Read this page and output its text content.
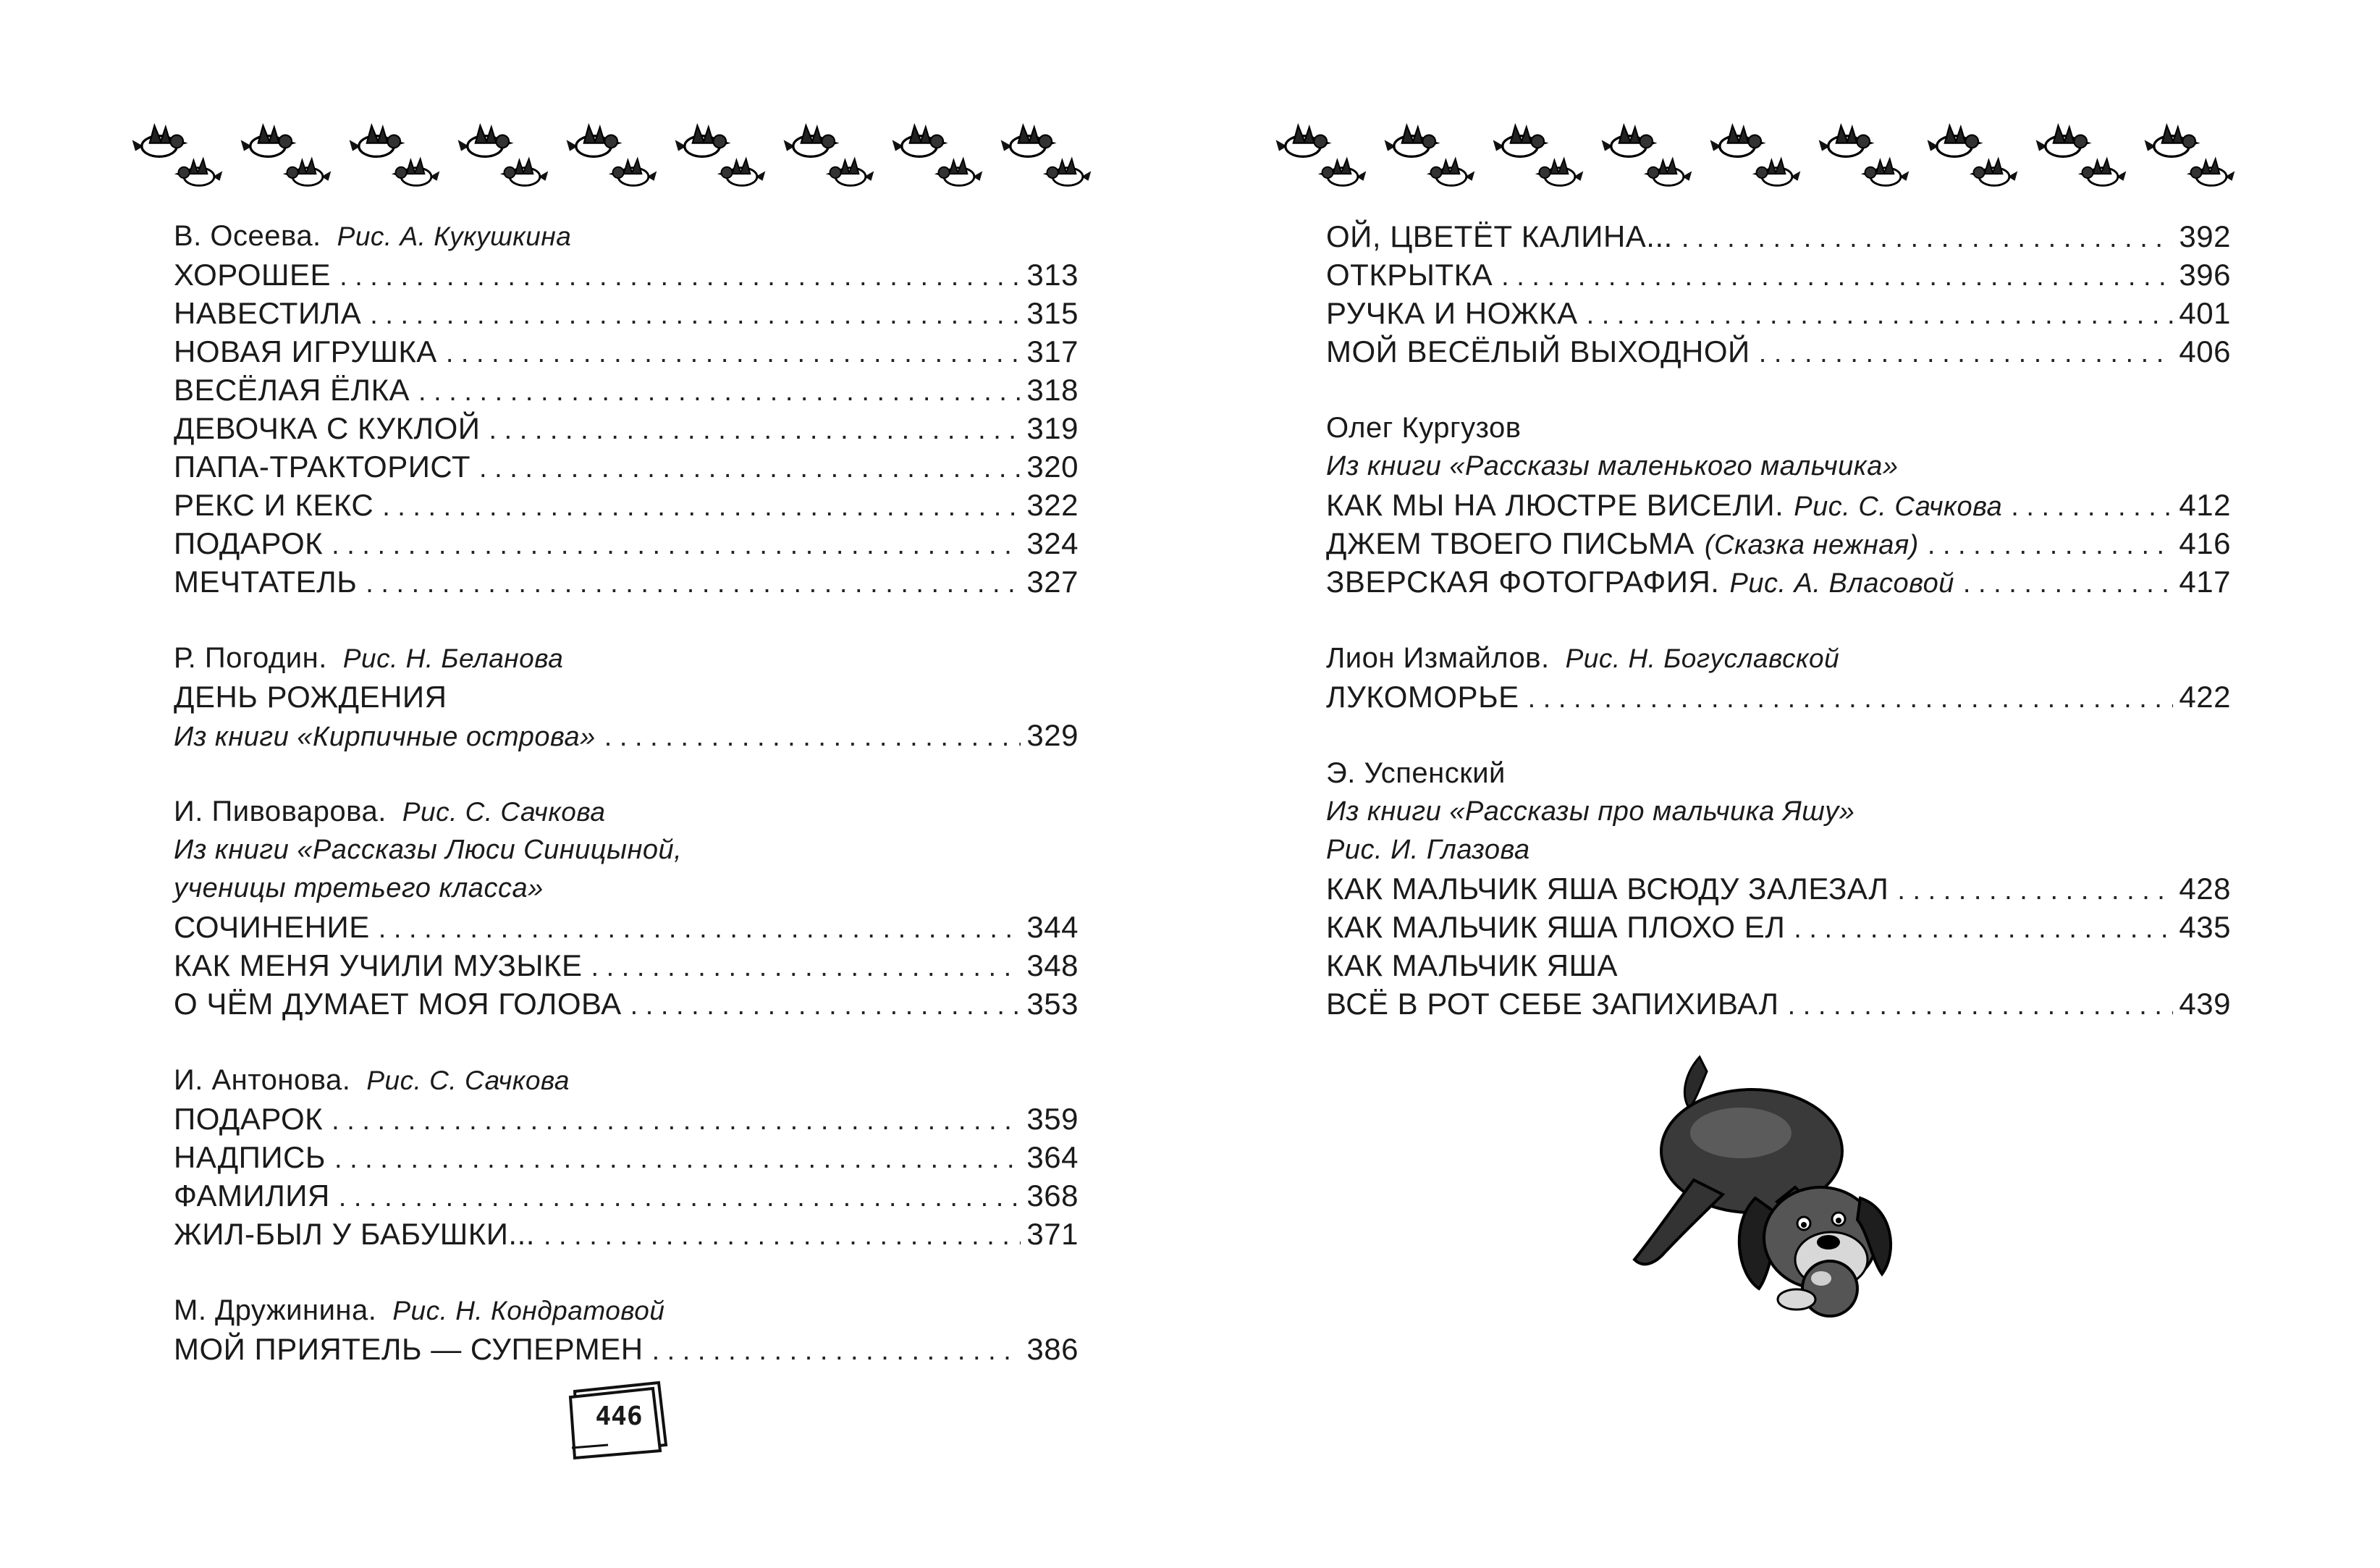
В. Осеева. Рис. А. Кукушкина
ХОРОШЕЕ . . .	313
НАВЕСТИЛА . . .	315
НОВАЯ ИГРУШКА . . .	317
ВЕСЁЛАЯ ЁЛКА . . .	318
ДЕВОЧКА С КУКЛОЙ . . .	319
ПАПА-ТРАКТОРИСТ . . .	320
РЕКС И КЕКС . . .	322
ПОДАРОК . . .	324
МЕЧТАТЕЛЬ . . .	327
Р. Погодин. Рис. Н. Беланова
ДЕНЬ РОЖДЕНИЯ
Из книги «Кирпичные острова» . . .	329
И. Пивоварова. Рис. С. Сачкова
Из книги «Рассказы Люси Синицыной,
ученицы третьего класса»
СОЧИНЕНИЕ . . .	344
КАК МЕНЯ УЧИЛИ МУЗЫКЕ . . .	348
О ЧЁМ ДУМАЕТ МОЯ ГОЛОВА . . .	353
И. Антонова. Рис. С. Сачкова
ПОДАРОК . . .	359
НАДПИСЬ . . .	364
ФАМИЛИЯ . . .	368
ЖИЛ-БЫЛ У БАБУШКИ... . . .	371
М. Дружинина. Рис. Н. Кондратовой
МОЙ ПРИЯТЕЛЬ — СУПЕРМЕН . . .	386
ОЙ, ЦВЕТЁТ КАЛИНА... . . .	392
ОТКРЫТКА . . .	396
РУЧКА И НОЖКА . . .	401
МОЙ ВЕСЁЛЫЙ ВЫХОДНОЙ . . .	406
Олег Кургузов
Из книги «Рассказы маленького мальчика»
КАК МЫ НА ЛЮСТРЕ ВИСЕЛИ. Рис. С. Сачкова . . .	412
ДЖЕМ ТВОЕГО ПИСЬМА (Сказка нежная) . . .	416
ЗВЕРСКАЯ ФОТОГРАФИЯ. Рис. А. Власовой . . .	417
Лион Измайлов. Рис. Н. Богуславской
ЛУКОМОРЬЕ . . .	422
Э. Успенский
Из книги «Рассказы про мальчика Яшу»
Рис. И. Глазова
КАК МАЛЬЧИК ЯША ВСЮДУ ЗАЛЕЗАЛ . . .	428
КАК МАЛЬЧИК ЯША ПЛОХО ЕЛ . . .	435
КАК МАЛЬЧИК ЯША
ВСЁ В РОТ СЕБЕ ЗАПИХИВАЛ . . .	439
446
